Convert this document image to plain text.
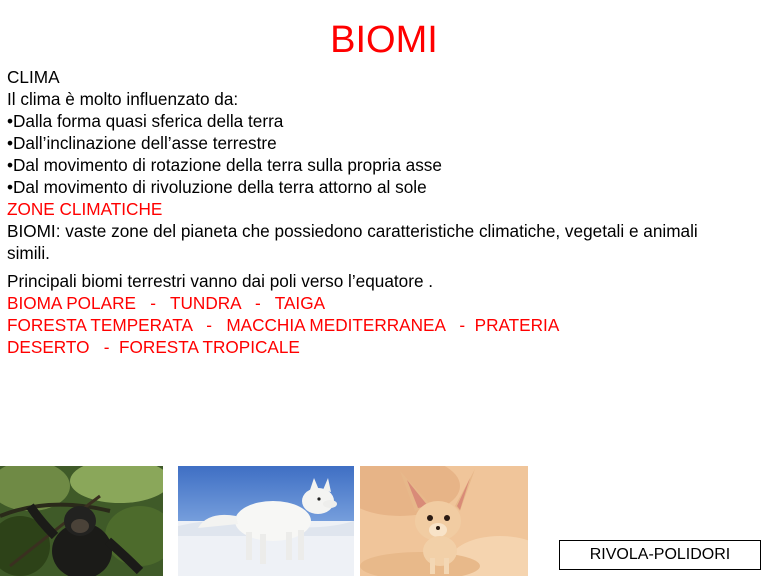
BIOMI
CLIMA
Il clima è molto influenzato da:
•Dalla forma quasi sferica della terra
•Dall’inclinazione dell’asse terrestre
•Dal movimento di rotazione della terra sulla propria asse
•Dal movimento di rivoluzione della terra attorno al sole
ZONE CLIMATICHE
BIOMI: vaste zone del pianeta che possiedono caratteristiche climatiche, vegetali e animali simili.
Principali biomi terrestri vanno dai poli verso l’equatore .
BIOMA POLARE   -   TUNDRA   -   TAIGA
FORESTA TEMPERATA   -   MACCHIA MEDITERRANEA   -  PRATERIA
DESERTO   -  FORESTA TROPICALE
RIVOLA-POLIDORI
